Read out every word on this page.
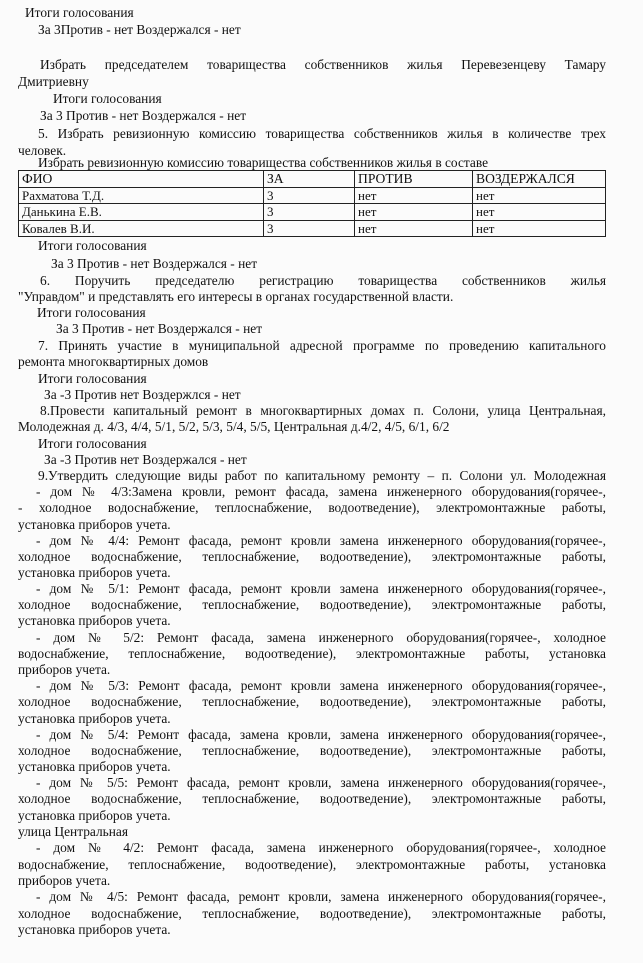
Итоги голосования
За 3Против - нет Воздержался - нет
Избрать председателем товарищества собственников жилья Перевезенцеву Тамару
Дмитриевну
Итоги голосования
За 3 Против - нет Воздержался - нет
5. Избрать ревизионную комиссию товарищества собственников жилья в количестве трех
человек.
Избрать ревизионную комиссию товарищества собственников жилья в составе
ФИО	ЗА	ПРОТИВ	ВОЗДЕРЖАЛСЯ
Рахматова Т.Д.	3	нет	нет
Данькина Е.В.	3	нет	нет
Ковалев В.И.	3	нет	нет
Итоги голосования
За 3 Против - нет Воздержался - нет
6. Поручить председателю регистрацию товарищества собственников жилья
"Управдом" и представлять его интересы в органах государственной власти.
Итоги голосования
За 3 Против - нет Воздержался - нет
7. Принять участие в муниципальной адресной программе по проведению капитального
ремонта многоквартирных домов
Итоги голосования
За -3 Против нет Воздержлся - нет
8.Провести капитальный ремонт в многоквартирных домах п. Солони, улица Центральная,
Молодежная д. 4/3, 4/4, 5/1, 5/2, 5/3, 5/4, 5/5, Центральная д.4/2, 4/5, 6/1, 6/2
Итоги голосования
За -3 Против нет Воздержался - нет
9.Утвердить следующие виды работ по капитальному ремонту – п. Солони ул. Молодежная
- дом № 4/3:Замена кровли, ремонт фасада, замена инженерного оборудования(горячее-,
- холодное водоснабжение, теплоснабжение, водоотведение), электромонтажные работы,
установка приборов учета.
- дом № 4/4: Ремонт фасада, ремонт кровли замена инженерного оборудования(горячее-,
холодное водоснабжение, теплоснабжение, водоотведение), электромонтажные работы,
установка приборов учета.
- дом № 5/1: Ремонт фасада, ремонт кровли замена инженерного оборудования(горячее-,
холодное водоснабжение, теплоснабжение, водоотведение), электромонтажные работы,
установка приборов учета.
- дом № 5/2: Ремонт фасада, замена инженерного оборудования(горячее-, холодное
водоснабжение, теплоснабжение, водоотведение), электромонтажные работы, установка
приборов учета.
- дом № 5/3: Ремонт фасада, ремонт кровли замена инженерного оборудования(горячее-,
холодное водоснабжение, теплоснабжение, водоотведение), электромонтажные работы,
установка приборов учета.
- дом № 5/4: Ремонт фасада, замена кровли, замена инженерного оборудования(горячее-,
холодное водоснабжение, теплоснабжение, водоотведение), электромонтажные работы,
установка приборов учета.
- дом № 5/5: Ремонт фасада, ремонт кровли, замена инженерного оборудования(горячее-,
холодное водоснабжение, теплоснабжение, водоотведение), электромонтажные работы,
установка приборов учета.
улица Центральная
- дом № 4/2: Ремонт фасада, замена инженерного оборудования(горячее-, холодное
водоснабжение, теплоснабжение, водоотведение), электромонтажные работы, установка
приборов учета.
- дом № 4/5: Ремонт фасада, ремонт кровли, замена инженерного оборудования(горячее-,
холодное водоснабжение, теплоснабжение, водоотведение), электромонтажные работы,
установка приборов учета.
